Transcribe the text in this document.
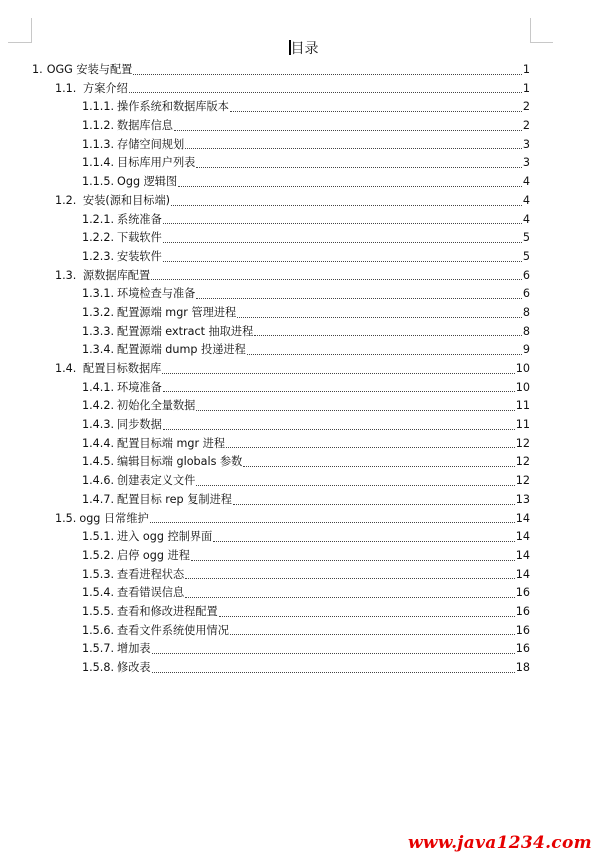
目录
1. OGG 安装与配置	1
1.1. 方案介绍	1
1.1.1. 操作系统和数据库版本	2
1.1.2. 数据库信息	2
1.1.3. 存储空间规划	3
1.1.4. 目标库用户列表	3
1.1.5. Ogg 逻辑图	4
1.2. 安装(源和目标端)	4
1.2.1. 系统准备	4
1.2.2. 下载软件	5
1.2.3. 安装软件	5
1.3. 源数据库配置	6
1.3.1. 环境检查与准备	6
1.3.2. 配置源端 mgr 管理进程	8
1.3.3. 配置源端 extract 抽取进程	8
1.3.4. 配置源端 dump 投递进程	9
1.4. 配置目标数据库	10
1.4.1. 环境准备	10
1.4.2. 初始化全量数据	11
1.4.3. 同步数据	11
1.4.4. 配置目标端 mgr 进程	12
1.4.5. 编辑目标端 globals 参数	12
1.4.6. 创建表定义文件	12
1.4.7. 配置目标 rep 复制进程	13
1.5. ogg 日常维护	14
1.5.1. 进入 ogg 控制界面	14
1.5.2. 启停 ogg 进程	14
1.5.3. 查看进程状态	14
1.5.4. 查看错误信息	16
1.5.5. 查看和修改进程配置	16
1.5.6. 查看文件系统使用情况	16
1.5.7. 增加表	16
1.5.8. 修改表	18
www.java1234.com
